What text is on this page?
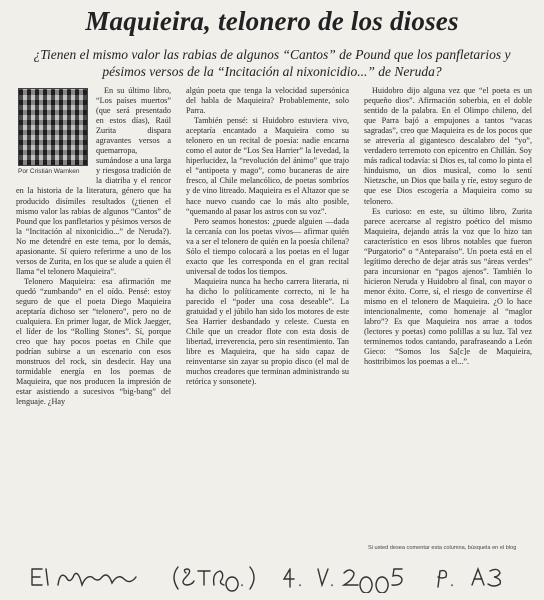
Maquieira, telonero de los dioses
¿Tienen el mismo valor las rabias de algunos “Cantos” de Pound que los panfletarios y pésimos versos de la “Incitación al nixonicidio...” de Neruda?
Por Cristián Warnken

En su último libro, “Los países muertos” (que será presentado en estos días), Raúl Zurita dispara agravantes versos a quemarropa, sumándose a una larga y riesgosa tradición de la diatriba y el rencor en la historia de la literatura, género que ha producido disímiles resultados (¿tienen el mismo valor las rabias de algunos “Cantos” de Pound que los panfletarios y pésimos versos de la “Incitación al nixonicidio...” de Neruda?). No me detendré en este tema, por lo demás, apasionante. Sí quiero referirme a uno de los versos de Zurita, en los que se alude a quien él llama “el telonero Maquieira”.

Telonero Maquieira: esa afirmación me quedó “zumbando” en el oído. Pensé: estoy seguro de que el poeta Diego Maquieira aceptaría dichoso ser “telonero”, pero no de cualquiera. En primer lugar, de Mick Jaegger, el líder de los “Rolling Stones”. Sí, porque creo que hay pocos poetas en Chile que podrían subirse a un escenario con esos monstruos del rock, sin desdecir. Hay una tormidable energía en los poemas de Maquieira, que nos producen la impresión de estar asistiendo a sucesivos “big-bang” del lenguaje. ¿Hay

algún poeta que tenga la velocidad supersónica del habla de Maquieira? Probablemente, solo Parra.

También pensé: si Huidobro estuviera vivo, aceptaría encantado a Maquieira como su telonero en un recital de poesía: nadie encarna como el autor de “Los Sea Harrier” la levedad, la hiperlucidez, la “revolución del ánimo” que trajo el “antipoeta y mago”, como bucaneras de aire fresco, al Chile melancólico, de poetas sombríos y de vino litreado. Maquieira es el Altazor que se hace nuevo cuando cae lo más alto posible, “quemando al pasar los astros con su voz”.

Pero seamos honestos: ¿puede alguien —dada la cercanía con los poetas vivos— afirmar quién va a ser el telonero de quién en la poesía chilena? Sólo el tiempo colocará a los poetas en el lugar exacto que les corresponda en el gran recital universal de todos los tiempos.

Maquieira nunca ha hecho carrera literaria, ni ha dicho lo políticamente correcto, ni le ha parecido el “poder una cosa deseable”. La gratuidad y el júbilo han sido los motores de este Sea Harrier desbandado y celeste. Cuesta en Chile que un creador flote con esta dosis de libertad, irreverencia, pero sin resentimiento. Tan libre es Maquieira, que ha sido capaz de reinventarse sin zayar su propio disco (el mal de muchos creadores que terminan administrando su retórica y sonsonete).

Huidobro dijo alguna vez que “el poeta es un pequeño dios”. Afirmación soberbia, en el doble sentido de la palabra. En el Olimpo chileno, del que Parra bajó a empujones a tantos “vacas sagradas”, creo que Maquieira es de los pocos que se atrevería al gigantesco descalabro del “yo”, verdadero terremoto con epicentro en Chillán. Soy más radical todavía: si Dios es, tal como lo pinta el hinduismo, un dios musical, como lo sentí Nietzsche, un Dios que baila y ríe, estoy seguro de que ese Dios escogería a Maquieira como su telonero.

Es curioso: en este, su último libro, Zurita parece acercarse al registro poético del mismo Maquieira, dejando atrás la voz que lo hizo tan característico en esos libros notables que fueron “Purgatorio” o “Anteparaíso”. Un poeta está en el legítimo derecho de dejar atrás sus “áreas verdes” para incursionar en “pagos ajenos”. También lo hicieron Neruda y Huidobro al final, con mayor o menor éxito. Corre, sí, el riesgo de convertirse él mismo en el telonero de Maquieira. ¿O lo hace intencionalmente, como homenaje al “maglor labro”? Es que Maquieira nos arrae a todos (lectores y poetas) como polillas a su luz. Tal vez terminemos todos cantando, parafraseando a León Gieco: “Somos los Sa[c]e de Maquieira, hosttribimos los poemas a el...”.

Si usted desea comentar esta columna, búsquela en el blog
